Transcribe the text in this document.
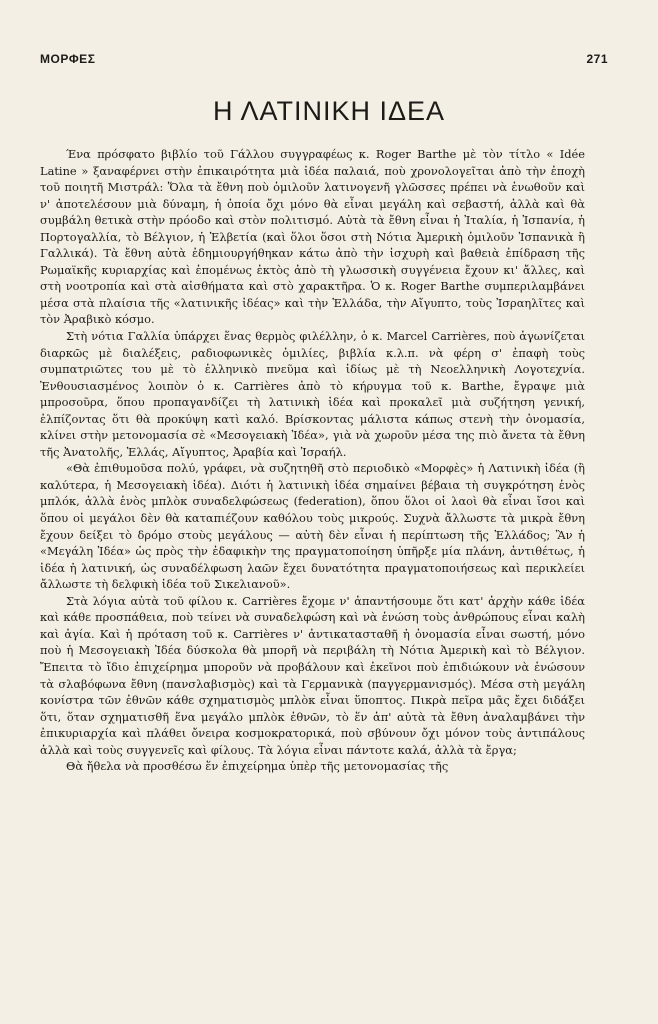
ΜΟΡΦΕΣ	271
Η ΛΑΤΙΝΙΚΗ ΙΔΕΑ

Ένα πρόσφατο βιβλίο τοῦ Γάλλου συγγραφέως κ. Roger Barthe μὲ τὸν τίτλο « Idée Latine » ξαναφέρνει στὴν ἐπικαιρότητα μιὰ ἰδέα παλαιά, ποὺ χρονολογεῖται ἀπὸ τὴν ἐποχὴ τοῦ ποιητῆ Μιστράλ: Ὅλα τὰ ἔθνη ποὺ ὁμιλοῦν λατινογενῆ γλῶσσες πρέπει νὰ ἑνωθοῦν καὶ ν' ἀποτελέσουν μιὰ δύναμη, ἡ ὁποία ὄχι μόνο θὰ εἶναι μεγάλη καὶ σεβαστή, ἀλλὰ καὶ θὰ συμβάλη θετικὰ στὴν πρόοδο καὶ στὸν πολιτισμό. Αὐτὰ τὰ ἔθνη εἶναι ἡ Ἰταλία, ἡ Ἱσπανία, ἡ Πορτογαλλία, τὸ Βέλγιον, ἡ Ἑλβετία (καὶ ὅλοι ὅσοι στὴ Νότια Ἀμερικὴ ὁμιλοῦν Ἱσπανικὰ ἢ Γαλλικά). Τὰ ἔθνη αὐτὰ ἐδημιουργήθηκαν κάτω ἀπὸ τὴν ἰσχυρὴ καὶ βαθειὰ ἐπίδραση τῆς Ρωμαϊκῆς κυριαρχίας καὶ ἑπομένως ἐκτὸς ἀπὸ τὴ γλωσσικὴ συγγένεια ἔχουν κι' ἄλλες, καὶ στὴ νοοτροπία καὶ στὰ αἰσθήματα καὶ στὸ χαρακτῆρα. Ὁ κ. Roger Barthe συμπεριλαμβάνει μέσα στὰ πλαίσια τῆς «λατινικῆς ἰδέας» καὶ τὴν Ἑλλάδα, τὴν Αἴγυπτο, τοὺς Ἰσραηλῖτες καὶ τὸν Ἀραβικὸ κόσμο.

Στὴ νότια Γαλλία ὑπάρχει ἕνας θερμὸς φιλέλλην, ὁ κ. Marcel Carrières, ποὺ ἀγωνίζεται διαρκῶς μὲ διαλέξεις, ραδιοφωνικὲς ὁμιλίες, βιβλία κ.λ.π. νὰ φέρη σ' ἐπαφὴ τοὺς συμπατριῶτες του μὲ τὸ ἑλληνικὸ πνεῦμα καὶ ἰδίως μὲ τὴ Νεοελληνικὴ Λογοτεχνία. Ἐνθουσιασμένος λοιπὸν ὁ κ. Carrières ἀπὸ τὸ κήρυγμα τοῦ κ. Barthe, ἔγραψε μιὰ μπροσοῦρα, ὅπου προπαγανδίζει τὴ λατινικὴ ἰδέα καὶ προκαλεῖ μιὰ συζήτηση γενική, ἐλπίζοντας ὅτι θὰ προκύψη κατὶ καλό. Βρίσκοντας μάλιστα κάπως στενὴ τὴν ὀνομασία, κλίνει στὴν μετονομασία σὲ «Μεσογειακὴ Ἰδέα», γιὰ νὰ χωροῦν μέσα της πιὸ ἄνετα τὰ ἔθνη τῆς Ἀνατολῆς, Ἑλλάς, Αἴγυπτος, Ἀραβία καὶ Ἰσραήλ.

«Θὰ ἐπιθυμοῦσα πολύ, γράφει, νὰ συζητηθῆ στὸ περιοδικὸ «Μορφὲς» ἡ Λατινικὴ ἰδέα (ἢ καλύτερα, ἡ Μεσογειακὴ ἰδέα). Διότι ἡ λατινικὴ ἰδέα σημαίνει βέβαια τὴ συγκρότηση ἑνὸς μπλόκ, ἀλλὰ ἑνὸς μπλὸκ συναδελφώσεως (federation), ὅπου ὅλοι οἱ λαοὶ θὰ εἶναι ἴσοι καὶ ὅπου οἱ μεγάλοι δὲν θὰ καταπιέζουν καθόλου τοὺς μικρούς. Συχνὰ ἄλλωστε τὰ μικρὰ ἔθνη ἔχουν δείξει τὸ δρόμο στοὺς μεγάλους — αὐτὴ δὲν εἶναι ἡ περίπτωση τῆς Ἑλλάδος; Ἂν ἡ «Μεγάλη Ἰδέα» ὡς πρὸς τὴν ἐδαφικὴν της πραγματοποίηση ὑπῆρξε μία πλάνη, ἀντιθέτως, ἡ ἰδέα ἡ λατινική, ὡς συναδέλφωση λαῶν ἔχει δυνατότητα πραγματοποιήσεως καὶ περικλείει ἄλλωστε τὴ δελφικὴ ἰδέα τοῦ Σικελιανοῦ».

Στὰ λόγια αὐτὰ τοῦ φίλου κ. Carrières ἔχομε ν' ἀπαντήσουμε ὅτι κατ' ἀρχὴν κάθε ἰδέα καὶ κάθε προσπάθεια, ποὺ τείνει νὰ συναδελφώση καὶ νὰ ἑνώση τοὺς ἀνθρώπους εἶναι καλὴ καὶ ἁγία. Καὶ ἡ πρόταση τοῦ κ. Carrières ν' ἀντικατασταθῆ ἡ ὀνομασία εἶναι σωστή, μόνο ποὺ ἡ Μεσογειακὴ Ἰδέα δύσκολα θὰ μπορῆ νὰ περιβάλη τὴ Νότια Ἀμερικὴ καὶ τὸ Βέλγιον. Ἔπειτα τὸ ἴδιο ἐπιχείρημα μποροῦν νὰ προβάλουν καὶ ἐκεῖνοι ποὺ ἐπιδιώκουν νὰ ἑνώσουν τὰ σλαβόφωνα ἔθνη (πανσλαβισμὸς) καὶ τὰ Γερμανικὰ (παγγερμανισμός). Μέσα στὴ μεγάλη κονίστρα τῶν ἐθνῶν κάθε σχηματισμὸς μπλὸκ εἶναι ὕποπτος. Πικρὰ πεῖρα μᾶς ἔχει διδάξει ὅτι, ὅταν σχηματισθῆ ἕνα μεγάλο μπλὸκ ἐθνῶν, τὸ ἕν ἀπ' αὐτὰ τὰ ἔθνη ἀναλαμβάνει τὴν ἐπικυριαρχία καὶ πλάθει ὄνειρα κοσμοκρατορικά, ποὺ σβύνουν ὄχι μόνον τοὺς ἀντιπάλους ἀλλὰ καὶ τοὺς συγγενεῖς καὶ φίλους. Τὰ λόγια εἶναι πάντοτε καλά, ἀλλὰ τὰ ἔργα;

Θὰ ἤθελα νὰ προσθέσω ἕν ἐπιχείρημα ὑπὲρ τῆς μετονομασίας τῆς
